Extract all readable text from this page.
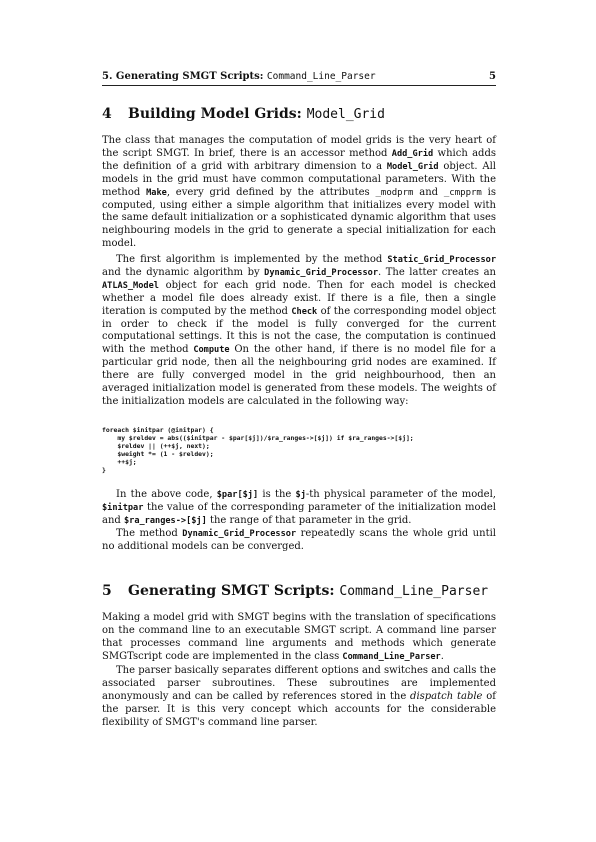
5. Generating SMGT Scripts: Command_Line_Parser	5
4 Building Model Grids: Model_Grid

The class that manages the computation of model grids is the very heart of the script SMGT. In brief, there is an accessor method Add_Grid which adds the definition of a grid with arbitrary dimension to a Model_Grid object. All models in the grid must have common computational parameters. With the method Make, every grid defined by the attributes _modprm and _cmpprm is computed, using either a simple algorithm that initializes every model with the same default initialization or a sophisticated dynamic algorithm that uses neighbouring models in the grid to generate a special initialization for each model.

The first algorithm is implemented by the method Static_Grid_Processor and the dynamic algorithm by Dynamic_Grid_Processor. The latter creates an ATLAS_Model object for each grid node. Then for each model is checked whether a model file does already exist. If there is a file, then a single iteration is computed by the method Check of the corresponding model object in order to check if the model is fully converged for the current computational settings. It this is not the case, the computation is continued with the method Compute On the other hand, if there is no model file for a particular grid node, then all the neighbouring grid nodes are examined. If there are fully converged model in the grid neighbourhood, then an averaged initialization model is generated from these models. The weights of the initialization models are calculated in the following way:

foreach $initpar (@initpar) {
my $reldev = abs(($initpar - $par[$j])/$ra_ranges->[$j]) if $ra_ranges->[$j];
$reldev || (++$j, next);
$weight *= (1 - $reldev);
++$j;
}

In the above code, $par[$j] is the $j-th physical parameter of the model, $initpar the value of the corresponding parameter of the initialization model and $ra_ranges->[$j] the range of that parameter in the grid.

The method Dynamic_Grid_Processor repeatedly scans the whole grid until no additional models can be converged.

5 Generating SMGT Scripts: Command_Line_Parser

Making a model grid with SMGT begins with the translation of specifications on the command line to an executable SMGT script. A command line parser that processes command line arguments and methods which generate SMGTscript code are implemented in the class Command_Line_Parser.

The parser basically separates different options and switches and calls the associated parser subroutines. These subroutines are implemented anonymously and can be called by references stored in the dispatch table of the parser. It is this very concept which accounts for the considerable flexibility of SMGT's command line parser.
